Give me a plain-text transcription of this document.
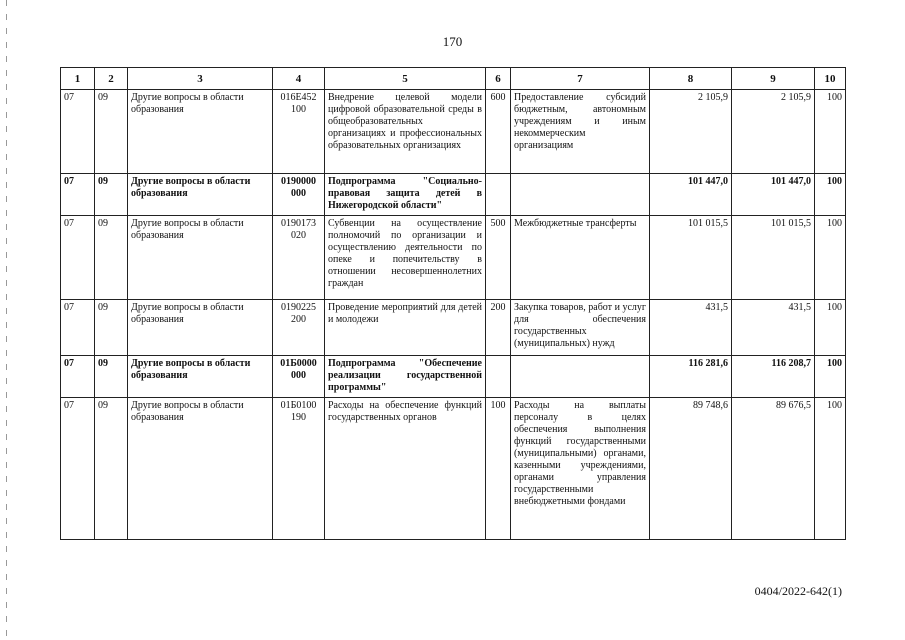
170
1	2	3	4	5	6	7	8	9	10
07	09	Другие вопросы в области образования	016E452 100	Внедрение целевой модели цифровой образовательной среды в общеобразовательных организациях и профессиональных образовательных организациях	600	Предоставление субсидий бюджетным, автономным учреждениям и иным некоммерческим организациям	2 105,9	2 105,9	100
07	09	Другие вопросы в области образования	0190000 000	Подпрограмма "Социально-правовая защита детей в Нижегородской области"			101 447,0	101 447,0	100
07	09	Другие вопросы в области образования	0190173 020	Субвенции на осуществление полномочий по организации и осуществлению деятельности по опеке и попечительству в отношении несовершеннолетних граждан	500	Межбюджетные трансферты	101 015,5	101 015,5	100
07	09	Другие вопросы в области образования	0190225 200	Проведение мероприятий для детей и молодежи	200	Закупка товаров, работ и услуг для обеспечения государственных (муниципальных) нужд	431,5	431,5	100
07	09	Другие вопросы в области образования	01Б0000 000	Подпрограмма "Обеспечение реализации государственной программы"			116 281,6	116 208,7	100
07	09	Другие вопросы в области образования	01Б0100 190	Расходы на обеспечение функций государственных органов	100	Расходы на выплаты персоналу в целях обеспечения выполнения функций государственными (муниципальными) органами, казенными учреждениями, органами управления государственными внебюджетными фондами	89 748,6	89 676,5	100
0404/2022-642(1)
